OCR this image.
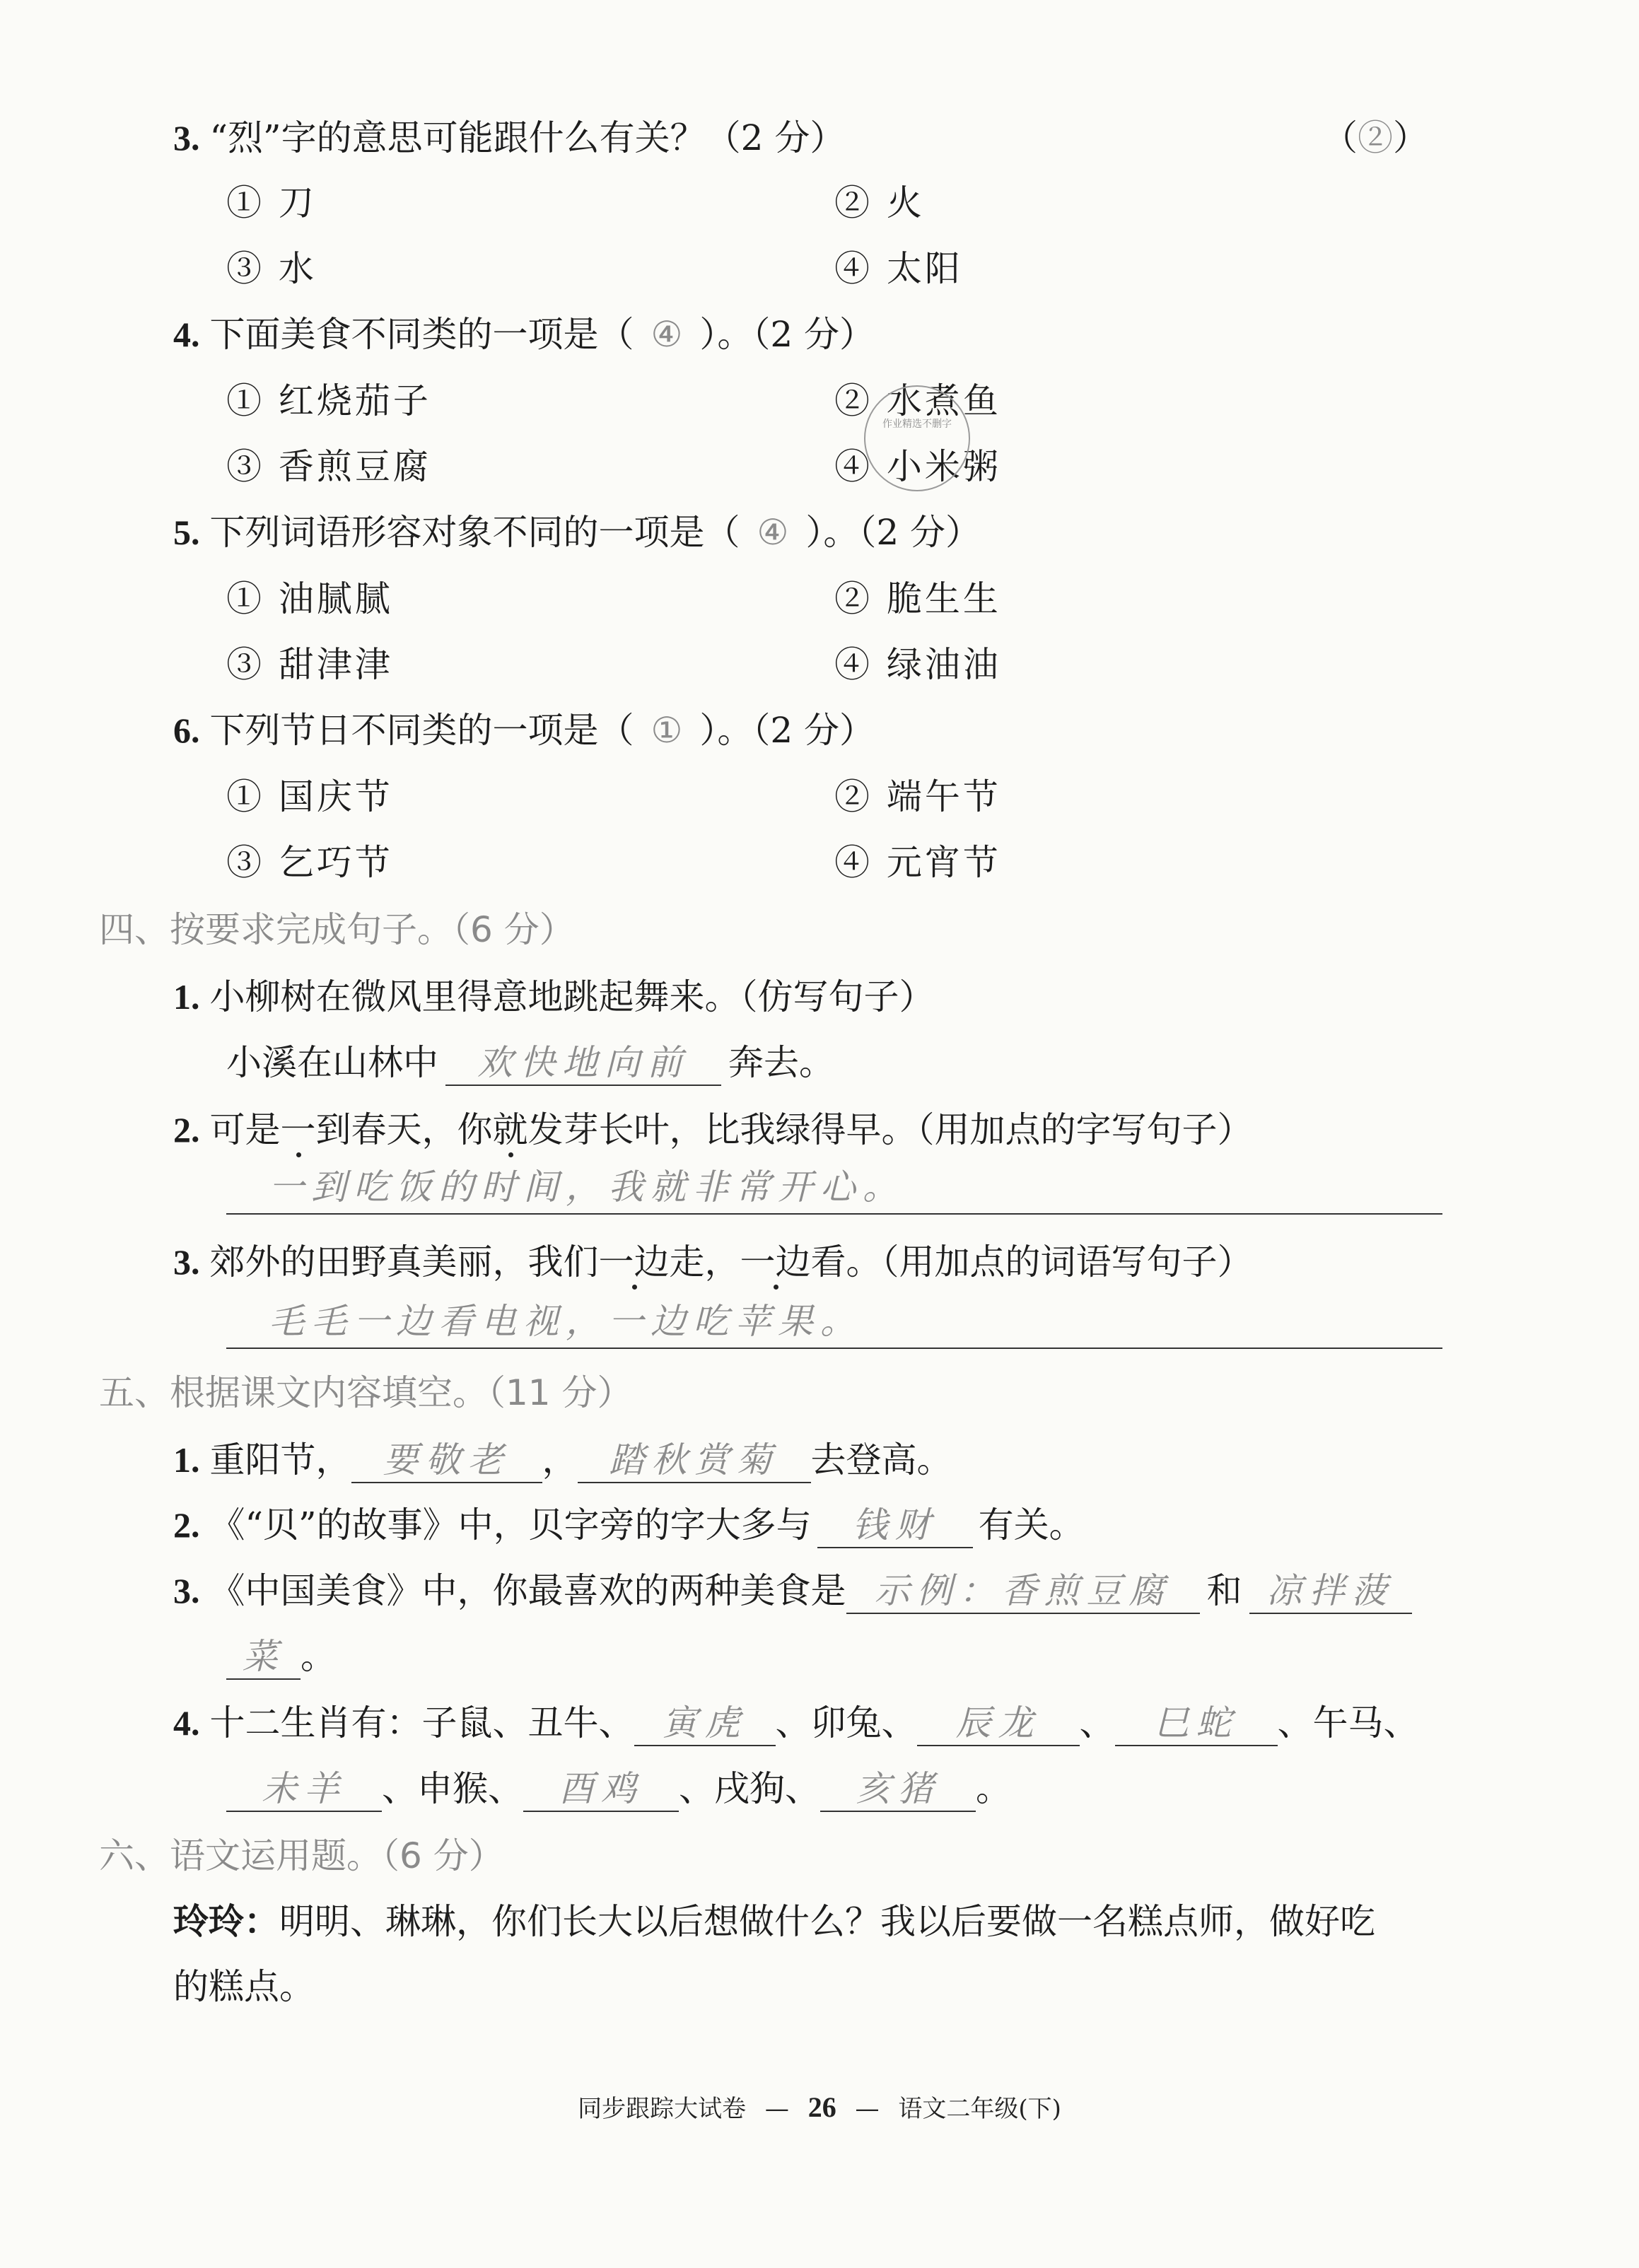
3. “烈”字的意思可能跟什么有关？（2 分）	（②）
① 刀	② 火
③ 水	④ 太阳
4. 下面美食不同类的一项是（ ④ ）。（2 分）
① 红烧茄子	② 水煮鱼
③ 香煎豆腐	④ 小米粥
作业精选不删字
5. 下列词语形容对象不同的一项是（ ④ ）。（2 分）
① 油腻腻	② 脆生生
③ 甜津津	④ 绿油油
6. 下列节日不同类的一项是（ ① ）。（2 分）
① 国庆节	② 端午节
③ 乞巧节	④ 元宵节
四、按要求完成句子。（6 分）
1. 小柳树在微风里得意地跳起舞来。（仿写句子）
小溪在山林中 欢快地向前 奔去。
2. 可是一到春天，你就发芽长叶，比我绿得早。（用加点的字写句子）
一到吃饭的时间，我就非常开心。
3. 郊外的田野真美丽，我们一边走，一边看。（用加点的词语写句子）
毛毛一边看电视，一边吃苹果。
五、根据课文内容填空。（11 分）
1. 重阳节， 要敬老 ， 踏秋赏菊 去登高。
2. 《“贝”的故事》中，贝字旁的字大多与 钱财 有关。
3. 《中国美食》中，你最喜欢的两种美食是 示例：香煎豆腐 和 凉拌菠
菜 。
4. 十二生肖有：子鼠、丑牛、 寅虎 、卯兔、 辰龙 、 巳蛇 、午马、
未羊 、申猴、 酉鸡 、戌狗、 亥猪 。
六、语文运用题。（6 分）
玲玲：明明、琳琳，你们长大以后想做什么？我以后要做一名糕点师，做好吃
的糕点。
同步跟踪大试卷 — 26 — 语文二年级(下)
